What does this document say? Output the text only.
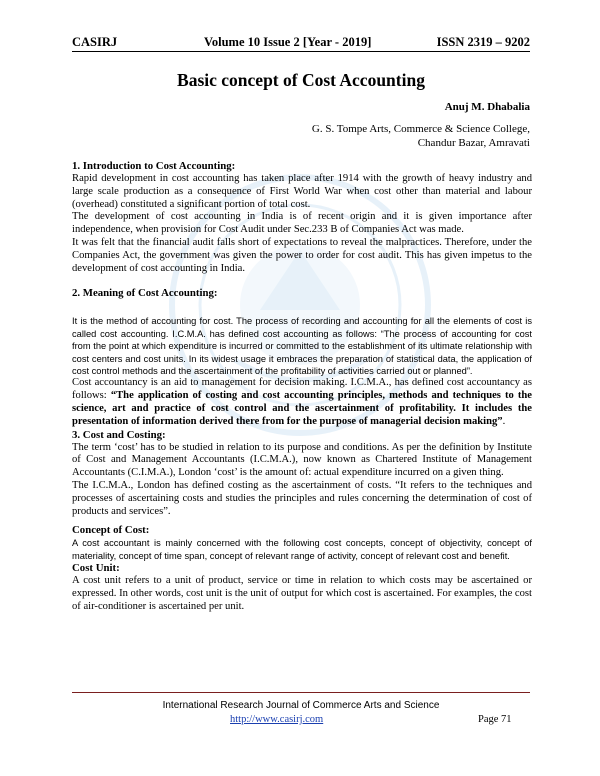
CASIRJ	Volume 10 Issue 2 [Year - 2019]	ISSN 2319 – 9202
Basic concept of Cost Accounting
Anuj M. Dhabalia
G. S. Tompe Arts, Commerce & Science College,
Chandur Bazar, Amravati
1. Introduction to Cost Accounting:

Rapid development in cost accounting has taken place after 1914 with the growth of heavy industry and large scale production as a consequence of First World War when cost other than material and labour (overhead) constituted a significant portion of total cost.

The development of cost accounting in India is of recent origin and it is given importance after independence, when provision for Cost Audit under Sec.233 B of Companies Act was made.

It was felt that the financial audit falls short of expectations to reveal the malpractices. Therefore, under the Companies Act, the government was given the power to order for cost audit. This has given impetus to the development of cost accounting in India.

2. Meaning of Cost Accounting:

It is the method of accounting for cost. The process of recording and accounting for all the elements of cost is called cost accounting. I.C.M.A. has defined cost accounting as follows: “The process of accounting for cost from the point at which expenditure is incurred or committed to the establishment of its ultimate relationship with cost centers and cost units. In its widest usage it embraces the preparation of statistical data, the application of cost control methods and the ascertainment of the profitability of activities carried out or planned”.

Cost accountancy is an aid to management for decision making. I.C.M.A., has defined cost accountancy as follows: “The application of costing and cost accounting principles, methods and techniques to the science, art and practice of cost control and the ascertainment of profitability. It includes the presentation of information derived there from for the purpose of managerial decision making”.

3. Cost and Costing:

The term ‘cost’ has to be studied in relation to its purpose and conditions. As per the definition by Institute of Cost and Management Accountants (I.C.M.A.), now known as Chartered Institute of Management Accountants (C.I.M.A.), London ‘cost’ is the amount of: actual expenditure incurred on a given thing.

The I.C.M.A., London has defined costing as the ascertainment of costs. “It refers to the techniques and processes of ascertaining costs and studies the principles and rules concerning the determination of cost of products and services”.

Concept of Cost:

A cost accountant is mainly concerned with the following cost concepts, concept of objectivity, concept of materiality, concept of time span, concept of relevant range of activity, concept of relevant cost and benefit.

Cost Unit:

A cost unit refers to a unit of product, service or time in relation to which costs may be ascertained or expressed. In other words, cost unit is the unit of output for which cost is ascertained. For examples, the cost of air-conditioner is ascertained per unit.

International Research Journal of Commerce Arts and Science
http://www.casirj.com	Page 71
